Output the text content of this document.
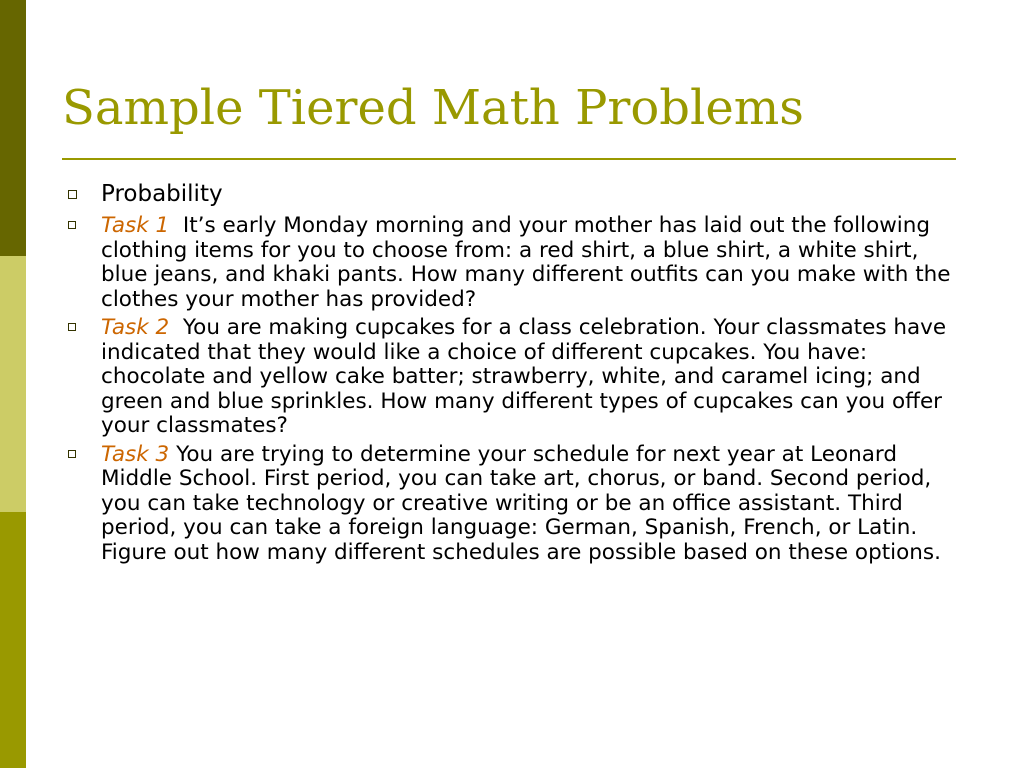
Sample Tiered Math Problems
Probability
Task 1 It’s early Monday morning and your mother has laid out the following clothing items for you to choose from: a red shirt, a blue shirt, a white shirt, blue jeans, and khaki pants. How many different outfits can you make with the clothes your mother has provided?
Task 2 You are making cupcakes for a class celebration. Your classmates have indicated that they would like a choice of different cupcakes. You have: chocolate and yellow cake batter; strawberry, white, and caramel icing; and green and blue sprinkles. How many different types of cupcakes can you offer your classmates?
Task 3 You are trying to determine your schedule for next year at Leonard Middle School. First period, you can take art, chorus, or band. Second period, you can take technology or creative writing or be an office assistant. Third period, you can take a foreign language: German, Spanish, French, or Latin. Figure out how many different schedules are possible based on these options.
